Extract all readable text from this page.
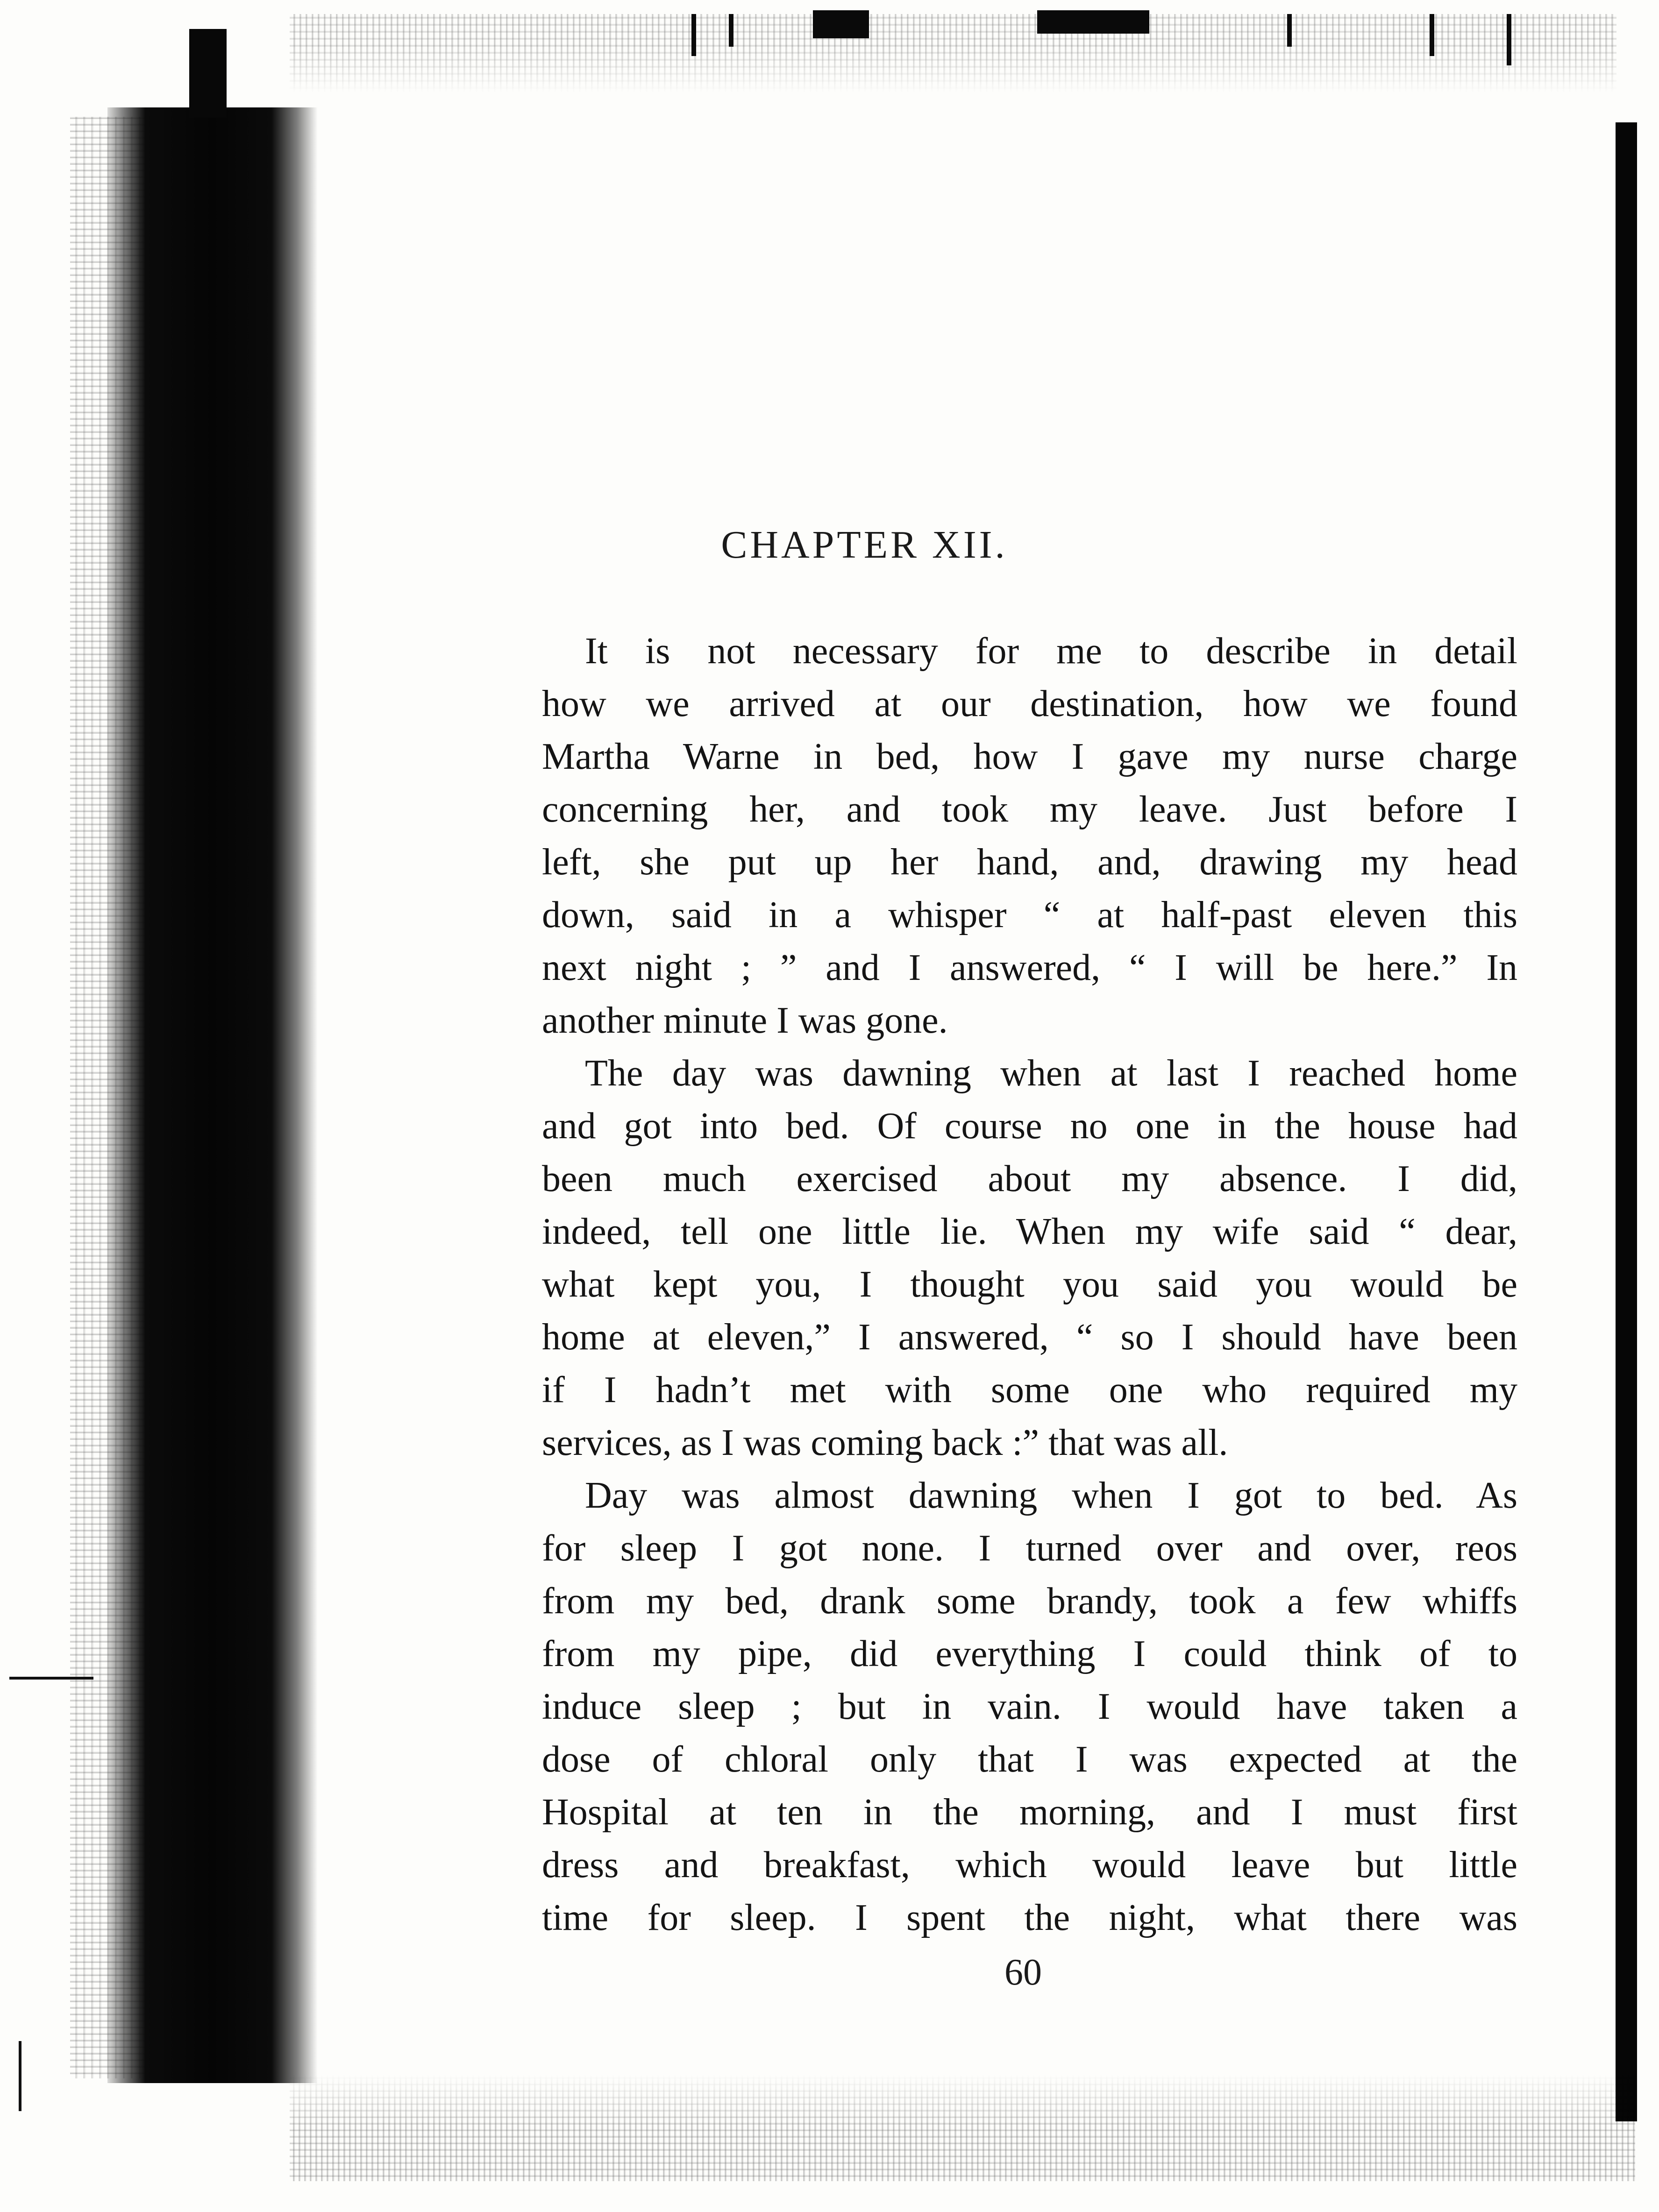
CHAPTER XII.
It is not necessary for me to describe in detail
how we arrived at our destination, how we found
Martha Warne in bed, how I gave my nurse charge
concerning her, and took my leave. Just before I
left, she put up her hand, and, drawing my head
down, said in a whisper “ at half-past eleven this
next night ; ” and I answered, “ I will be here.” In
another minute I was gone.
The day was dawning when at last I reached home
and got into bed. Of course no one in the house had
been much exercised about my absence. I did,
indeed, tell one little lie. When my wife said “ dear,
what kept you, I thought you said you would be
home at eleven,” I answered, “ so I should have been
if I hadn’t met with some one who required my
services, as I was coming back :” that was all.
Day was almost dawning when I got to bed. As
for sleep I got none. I turned over and over, reos
from my bed, drank some brandy, took a few whiffs
from my pipe, did everything I could think of to
induce sleep ; but in vain. I would have taken a
dose of chloral only that I was expected at the
Hospital at ten in the morning, and I must first
dress and breakfast, which would leave but little
time for sleep. I spent the night, what there was
60
